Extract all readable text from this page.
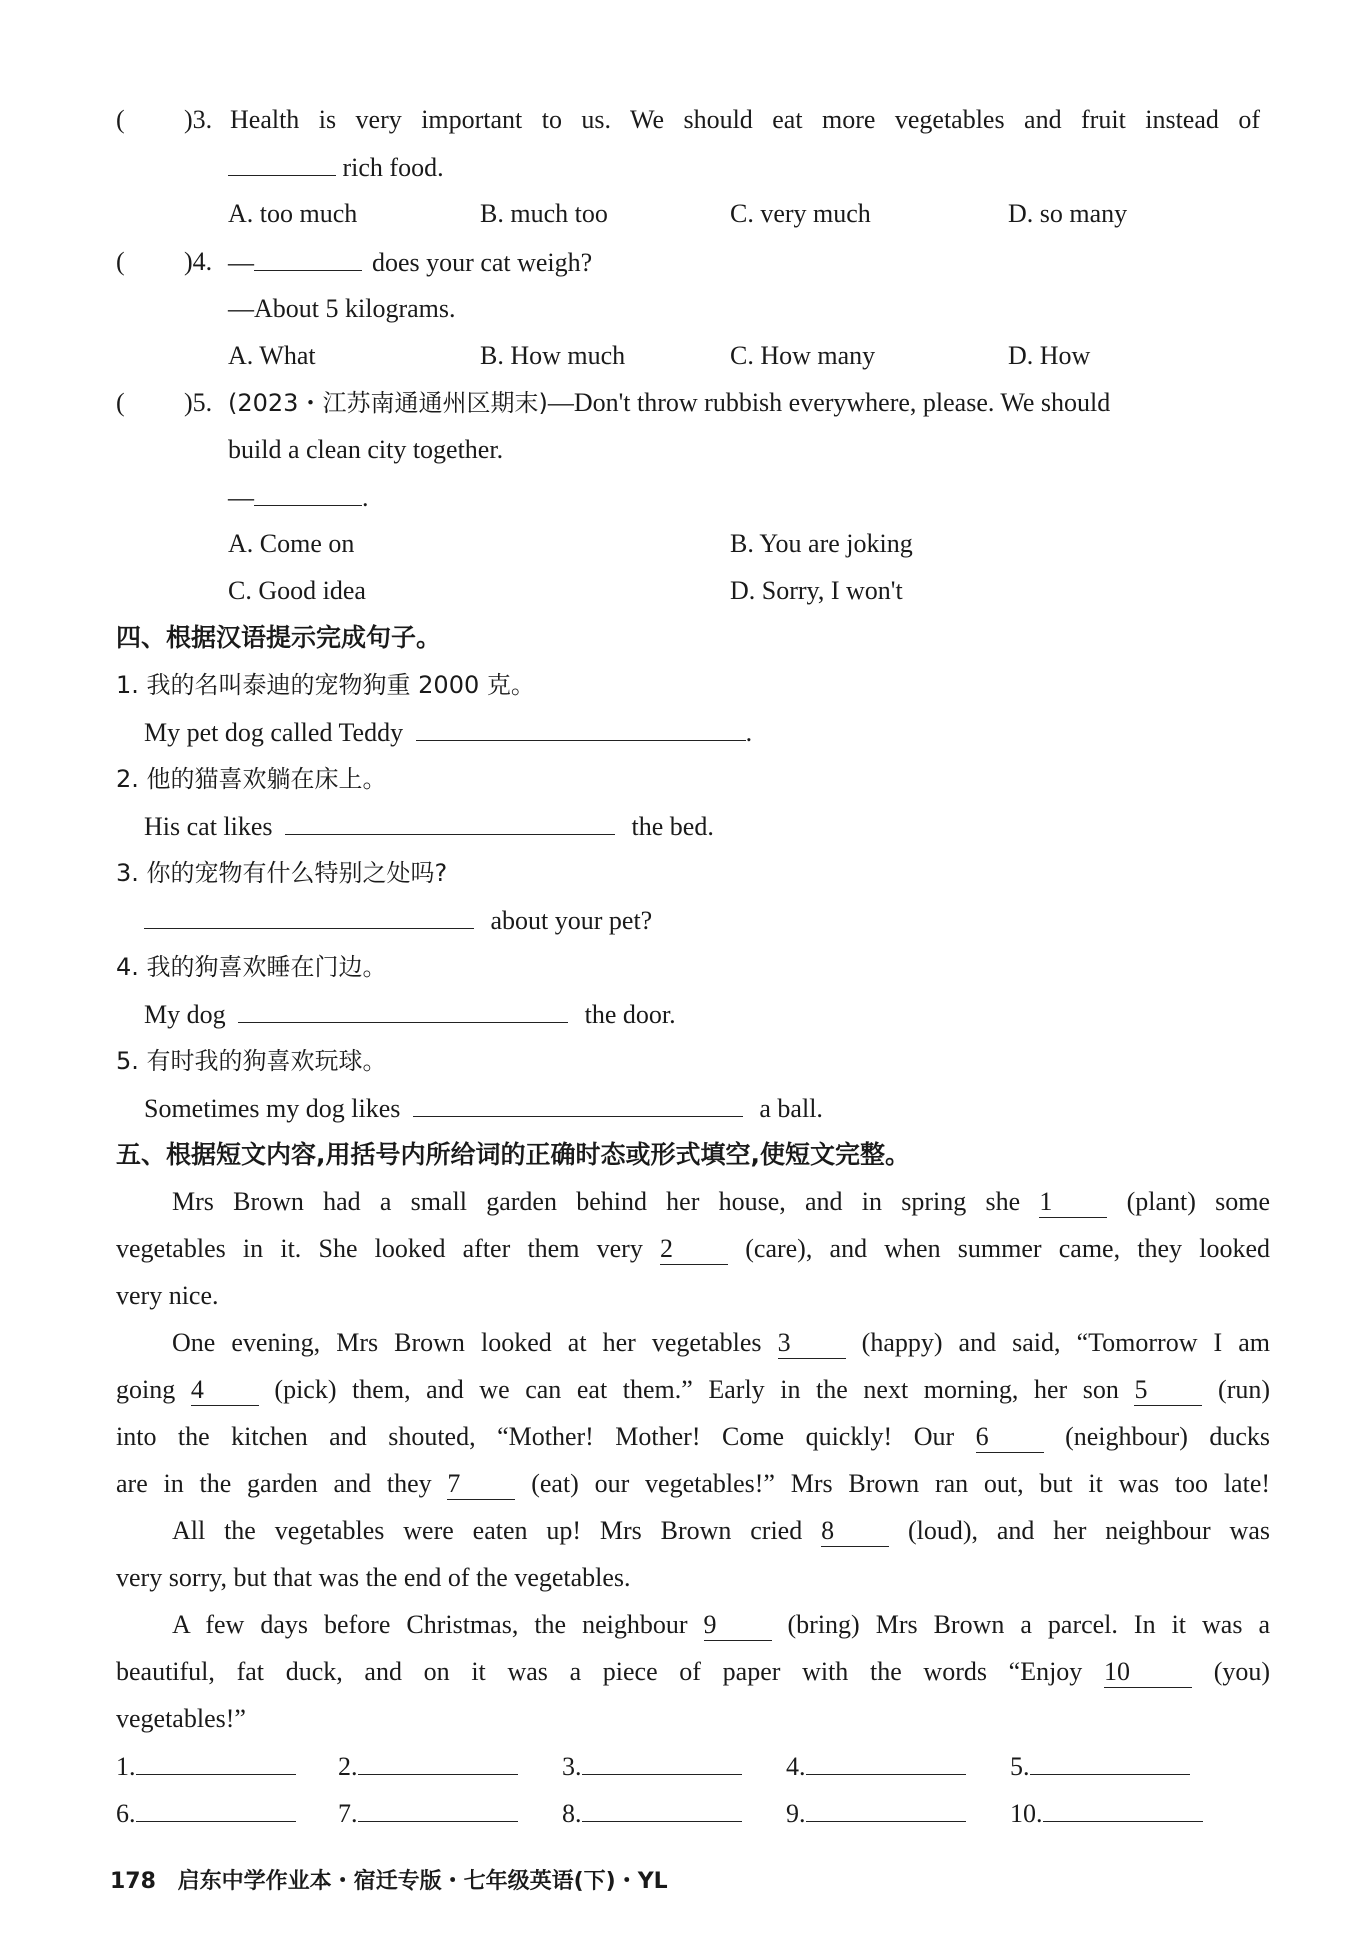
( )3. Health is very important to us. We should eat more vegetables and fruit instead of
rich food.
A. too much	B. much too	C. very much	D. so many
( )4. —	does your cat weigh?
—About 5 kilograms.
A. What	B. How much	C. How many	D. How
( )5. (2023・江苏南通通州区期末)—Don't throw rubbish everywhere, please. We should
build a clean city together.
—	.
A. Come on	B. You are joking
C. Good idea	D. Sorry, I won't
四、根据汉语提示完成句子。
1. 我的名叫泰迪的宠物狗重 2000 克。
My pet dog called Teddy	.
2. 他的猫喜欢躺在床上。
His cat likes	the bed.
3. 你的宠物有什么特别之处吗?
about your pet?
4. 我的狗喜欢睡在门边。
My dog	the door.
5. 有时我的狗喜欢玩球。
Sometimes my dog likes	a ball.
五、根据短文内容,用括号内所给词的正确时态或形式填空,使短文完整。
Mrs Brown had a small garden behind her house, and in spring she 1	(plant) some
vegetables in it. She looked after them very 2	(care), and when summer came, they looked
very nice.
One evening, Mrs Brown looked at her vegetables 3	(happy) and said, “Tomorrow I am
going 4	(pick) them, and we can eat them.” Early in the next morning, her son 5	(run)
into the kitchen and shouted, “Mother! Mother! Come quickly! Our 6	(neighbour) ducks
are in the garden and they 7	(eat) our vegetables!” Mrs Brown ran out, but it was too late!
All the vegetables were eaten up! Mrs Brown cried 8	(loud), and her neighbour was
very sorry, but that was the end of the vegetables.
A few days before Christmas, the neighbour 9	(bring) Mrs Brown a parcel. In it was a
beautiful, fat duck, and on it was a piece of paper with the words “Enjoy 10	(you)
vegetables!”
1.	2.	3.	4.	5.
6.	7.	8.	9.	10.
178 启东中学作业本・宿迁专版・七年级英语(下)・YL
